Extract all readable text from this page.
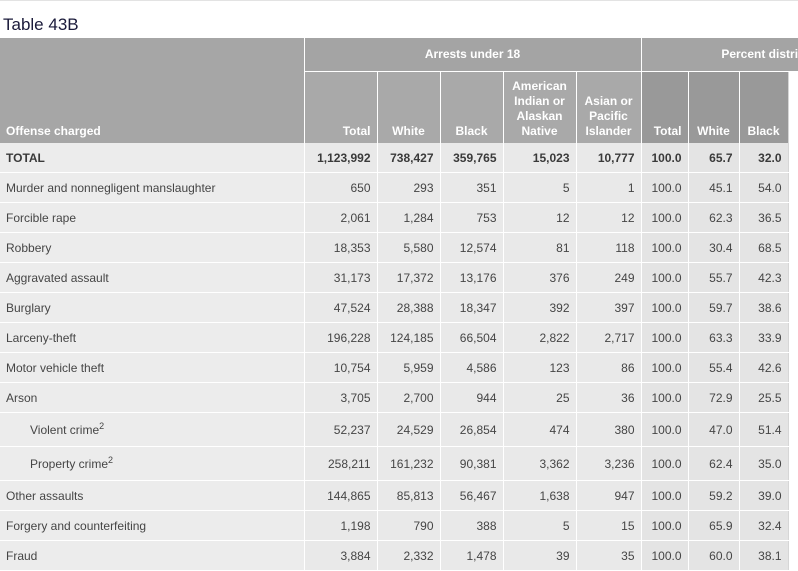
Table 43B
Offense charged	Arrests under 18					Percent distri			
	Total	White	Black	American Indian or Alaskan Native	Asian or Pacific Islander	Total	White	Black	
TOTAL	1,123,992	738,427	359,765	15,023	10,777	100.0	65.7	32.0	
Murder and nonnegligent manslaughter	650	293	351	5	1	100.0	45.1	54.0	
Forcible rape	2,061	1,284	753	12	12	100.0	62.3	36.5	
Robbery	18,353	5,580	12,574	81	118	100.0	30.4	68.5	
Aggravated assault	31,173	17,372	13,176	376	249	100.0	55.7	42.3	
Burglary	47,524	28,388	18,347	392	397	100.0	59.7	38.6	
Larceny-theft	196,228	124,185	66,504	2,822	2,717	100.0	63.3	33.9	
Motor vehicle theft	10,754	5,959	4,586	123	86	100.0	55.4	42.6	
Arson	3,705	2,700	944	25	36	100.0	72.9	25.5	
Violent crime$^2$	52,237	24,529	26,854	474	380	100.0	47.0	51.4	
Property crime$^2$	258,211	161,232	90,381	3,362	3,236	100.0	62.4	35.0	
Other assaults	144,865	85,813	56,467	1,638	947	100.0	59.2	39.0	
Forgery and counterfeiting	1,198	790	388	5	15	100.0	65.9	32.4	
Fraud	3,884	2,332	1,478	39	35	100.0	60.0	38.1	
